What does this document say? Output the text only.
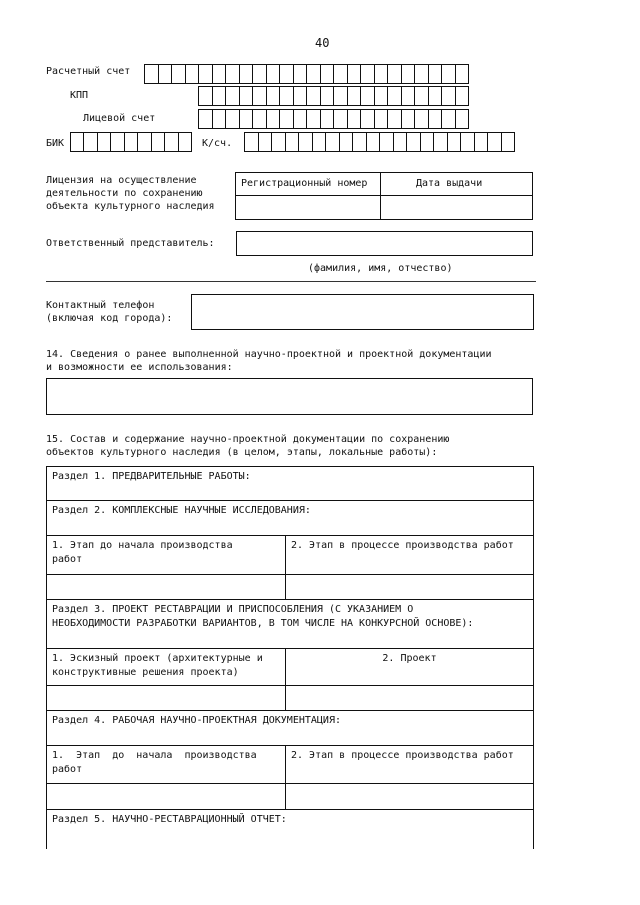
40
Расчетный счет
КПП
Лицевой счет
БИК	К/сч.
Лицензия на осуществление
деятельности по сохранению
объекта культурного наследия
Регистрационный номер	Дата выдачи
Ответственный представитель:
(фамилия, имя, отчество)
Контактный телефон
(включая код города):
14. Сведения о ранее выполненной научно-проектной и проектной документации
и возможности ее использования:
15. Состав и содержание научно-проектной документации по сохранению
объектов культурного наследия (в целом, этапы, локальные работы):
Раздел 1. ПРЕДВАРИТЕЛЬНЫЕ РАБОТЫ:
Раздел 2. КОМПЛЕКСНЫЕ НАУЧНЫЕ ИССЛЕДОВАНИЯ:
1. Этап до начала производства
работ
2. Этап в процессе производства работ
Раздел 3. ПРОЕКТ РЕСТАВРАЦИИ И ПРИСПОСОБЛЕНИЯ (С УКАЗАНИЕМ О
НЕОБХОДИМОСТИ РАЗРАБОТКИ ВАРИАНТОВ, В ТОМ ЧИСЛЕ НА КОНКУРСНОЙ ОСНОВЕ):
1. Эскизный проект (архитектурные и
конструктивные решения проекта)
2. Проект
Раздел 4. РАБОЧАЯ НАУЧНО-ПРОЕКТНАЯ ДОКУМЕНТАЦИЯ:
1.  Этап  до  начала  производства
работ
2. Этап в процессе производства работ
Раздел 5. НАУЧНО-РЕСТАВРАЦИОННЫЙ ОТЧЕТ:
